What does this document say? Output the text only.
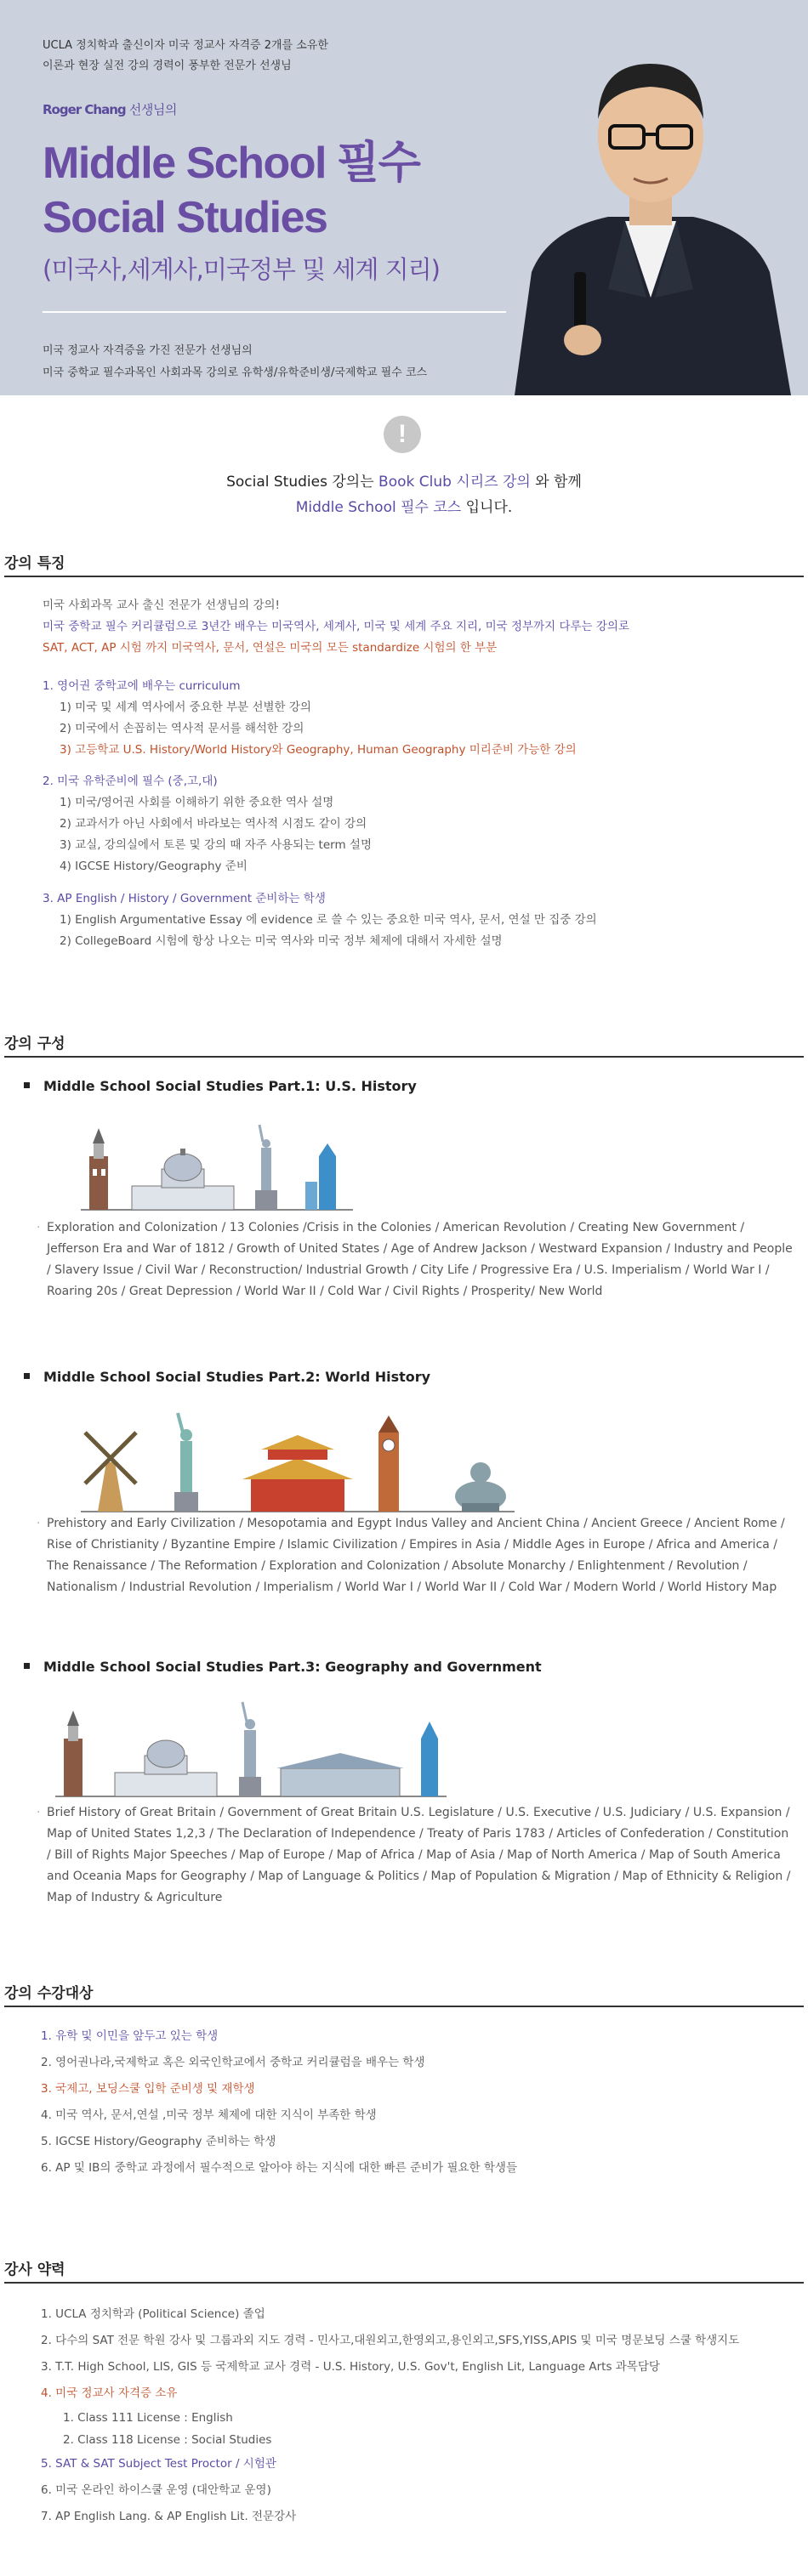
UCLA 정치학과 출신이자 미국 정교사 자격증 2개를 소유한
이론과 현장 실전 강의 경력이 풍부한 전문가 선생님
Roger Chang 선생님의
Middle School 필수
Social Studies
(미국사,세계사,미국정부 및 세계 지리)
미국 정교사 자격증을 가진 전문가 선생님의
미국 중학교 필수과목인 사회과목 강의로 유학생/유학준비생/국제학교 필수 코스
!
Social Studies 강의는 Book Club 시리즈 강의 와 함께
Middle School 필수 코스 입니다.
강의 특징
미국 사회과목 교사 출신 전문가 선생님의 강의!
미국 중학교 필수 커리큘럼으로 3년간 배우는 미국역사, 세계사, 미국 및 세계 주요 지리, 미국 정부까지 다루는 강의로
SAT, ACT, AP 시험 까지 미국역사, 문서, 연설은 미국의 모든 standardize 시험의 한 부분
1. 영어권 중학교에 배우는 curriculum
1) 미국 및 세계 역사에서 중요한 부분 선별한 강의
2) 미국에서 손꼽히는 역사적 문서를 해석한 강의
3) 고등학교 U.S. History/World History와 Geography, Human Geography 미리준비 가능한 강의
2. 미국 유학준비에 필수 (중,고,대)
1) 미국/영어권 사회를 이해하기 위한 중요한 역사 설명
2) 교과서가 아닌 사회에서 바라보는 역사적 시점도 같이 강의
3) 교실, 강의실에서 토론 및 강의 때 자주 사용되는 term 설명
4) IGCSE History/Geography 준비
3. AP English / History / Government 준비하는 학생
1) English Argumentative Essay 에 evidence 로 쓸 수 있는 중요한 미국 역사, 문서, 연설 만 집중 강의
2) CollegeBoard 시험에 항상 나오는 미국 역사와 미국 정부 체제에 대해서 자세한 설명
강의 구성
Middle School Social Studies Part.1: U.S. History
· Exploration and Colonization / 13 Colonies /Crisis in the Colonies / American Revolution / Creating New Government / Jefferson Era and War of 1812 / Growth of United States / Age of Andrew Jackson / Westward Expansion / Industry and People / Slavery Issue / Civil War / Reconstruction/ Industrial Growth / City Life / Progressive Era / U.S. Imperialism / World War I / Roaring 20s / Great Depression / World War II / Cold War / Civil Rights / Prosperity/ New World
Middle School Social Studies Part.2: World History
· Prehistory and Early Civilization / Mesopotamia and Egypt Indus Valley and Ancient China / Ancient Greece / Ancient Rome / Rise of Christianity / Byzantine Empire / Islamic Civilization / Empires in Asia / Middle Ages in Europe / Africa and America / The Renaissance / The Reformation / Exploration and Colonization / Absolute Monarchy / Enlightenment / Revolution / Nationalism / Industrial Revolution / Imperialism / World War I / World War II / Cold War / Modern World / World History Map
Middle School Social Studies Part.3: Geography and Government
· Brief History of Great Britain / Government of Great Britain U.S. Legislature / U.S. Executive / U.S. Judiciary / U.S. Expansion / Map of United States 1,2,3 / The Declaration of Independence / Treaty of Paris 1783 / Articles of Confederation / Constitution / Bill of Rights Major Speeches / Map of Europe / Map of Africa / Map of Asia / Map of North America / Map of South America and Oceania Maps for Geography / Map of Language & Politics / Map of Population & Migration / Map of Ethnicity & Religion / Map of Industry & Agriculture
강의 수강대상
1. 유학 및 이민을 앞두고 있는 학생
2. 영어권나라,국제학교 혹은 외국인학교에서 중학교 커리큘럼을 배우는 학생
3. 국제고, 보딩스쿨 입학 준비생 및 재학생
4. 미국 역사, 문서,연설 ,미국 정부 체제에 대한 지식이 부족한 학생
5. IGCSE History/Geography 준비하는 학생
6. AP 및 IB의 중학교 과정에서 필수적으로 알아야 하는 지식에 대한 빠른 준비가 필요한 학생들
강사 약력
1. UCLA 정치학과 (Political Science) 졸업
2. 다수의 SAT 전문 학원 강사 및 그룹과외 지도 경력 - 민사고,대원외고,한영외고,용인외고,SFS,YISS,APIS 및 미국 명문보딩 스쿨 학생지도
3. T.T. High School, LIS, GIS 등 국제학교 교사 경력 - U.S. History, U.S. Gov't, English Lit, Language Arts 과목담당
4. 미국 정교사 자격증 소유
1. Class 111 License : English
2. Class 118 License : Social Studies
5. SAT & SAT Subject Test Proctor / 시험관
6. 미국 온라인 하이스쿨 운영 (대안학교 운영)
7. AP English Lang. & AP English Lit. 전문강사
